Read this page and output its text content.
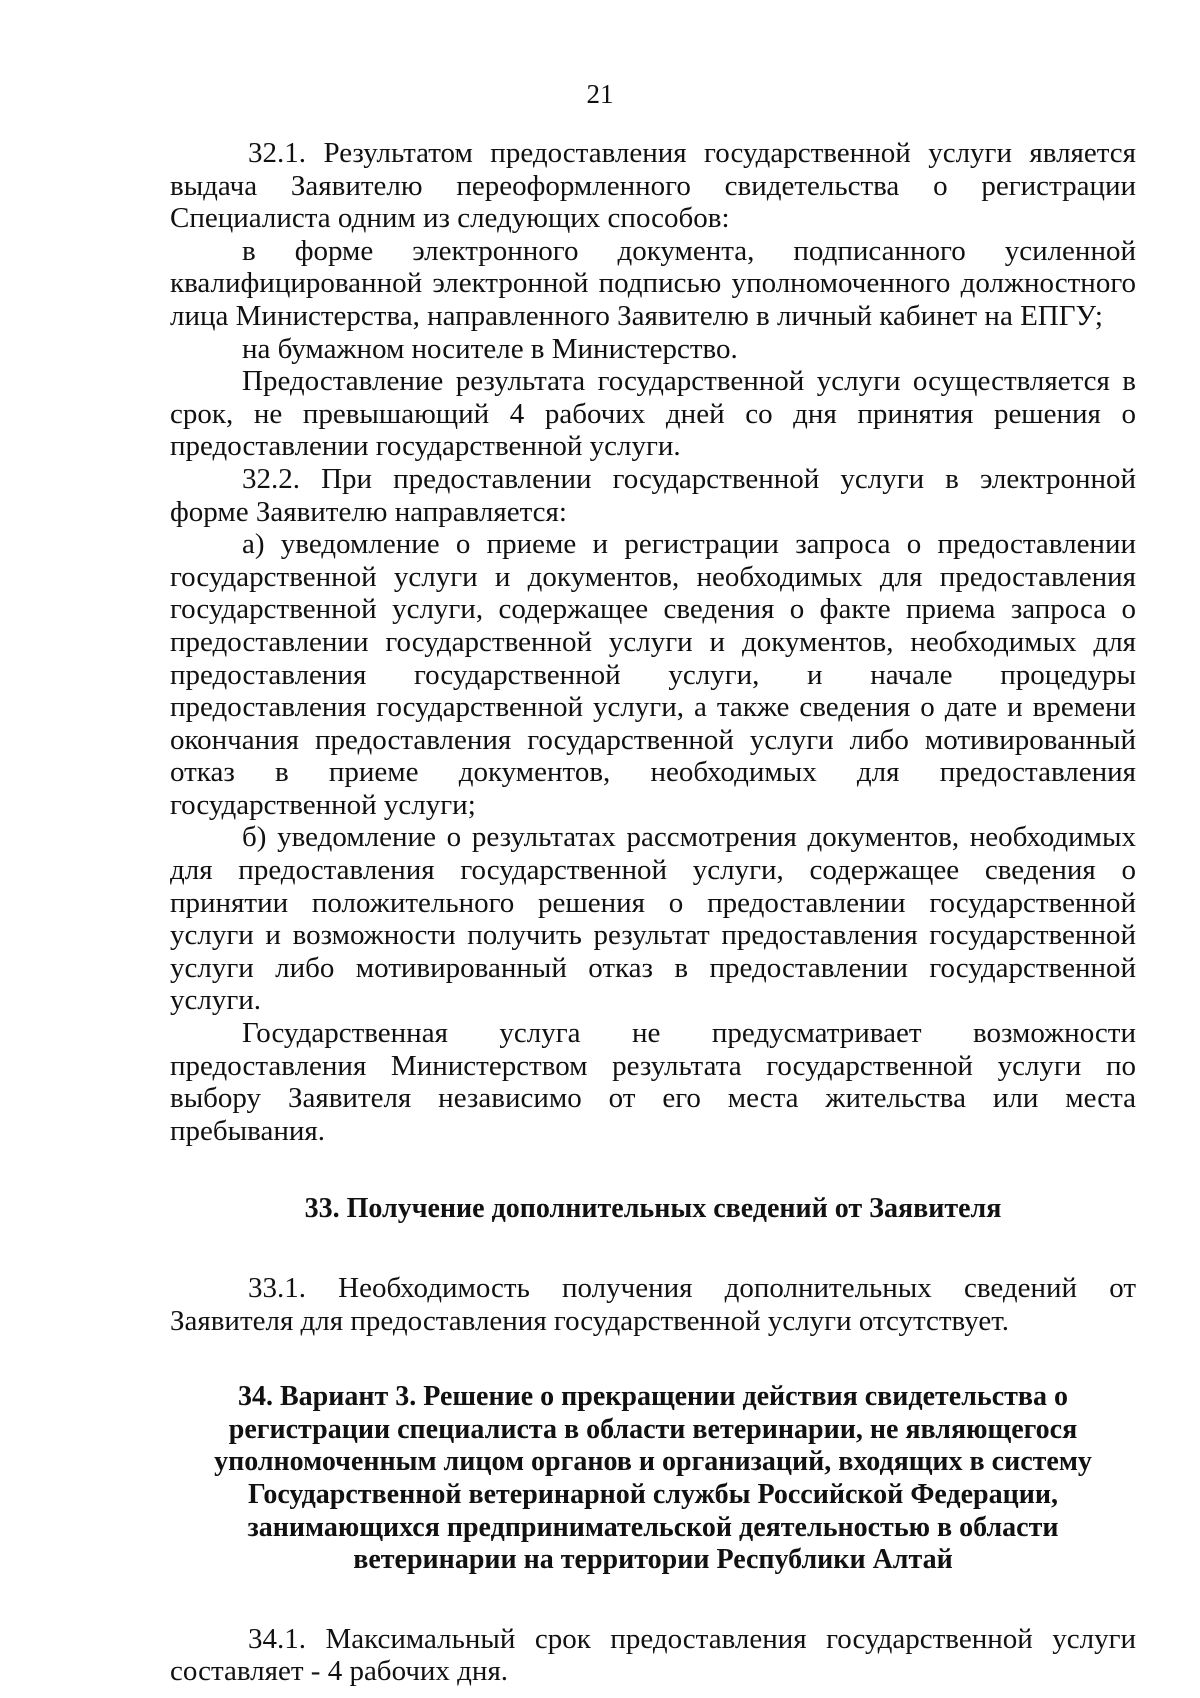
21

32.1. Результатом предоставления государственной услуги является выдача Заявителю переоформленного свидетельства о регистрации Специалиста одним из следующих способов:

в форме электронного документа, подписанного усиленной квалифицированной электронной подписью уполномоченного должностного лица Министерства, направленного Заявителю в личный кабинет на ЕПГУ;

на бумажном носителе в Министерство.

Предоставление результата государственной услуги осуществляется в срок, не превышающий 4 рабочих дней со дня принятия решения о предоставлении государственной услуги.

32.2. При предоставлении государственной услуги в электронной форме Заявителю направляется:

а) уведомление о приеме и регистрации запроса о предоставлении государственной услуги и документов, необходимых для предоставления государственной услуги, содержащее сведения о факте приема запроса о предоставлении государственной услуги и документов, необходимых для предоставления государственной услуги, и начале процедуры предоставления государственной услуги, а также сведения о дате и времени окончания предоставления государственной услуги либо мотивированный отказ в приеме документов, необходимых для предоставления государственной услуги;

б) уведомление о результатах рассмотрения документов, необходимых для предоставления государственной услуги, содержащее сведения о принятии положительного решения о предоставлении государственной услуги и возможности получить результат предоставления государственной услуги либо мотивированный отказ в предоставлении государственной услуги.

Государственная услуга не предусматривает возможности предоставления Министерством результата государственной услуги по выбору Заявителя независимо от его места жительства или места пребывания.

33. Получение дополнительных сведений от Заявителя

33.1. Необходимость получения дополнительных сведений от Заявителя для предоставления государственной услуги отсутствует.

34. Вариант 3. Решение о прекращении действия свидетельства о регистрации специалиста в области ветеринарии, не являющегося уполномоченным лицом органов и организаций, входящих в систему Государственной ветеринарной службы Российской Федерации, занимающихся предпринимательской деятельностью в области ветеринарии на территории Республики Алтай

34.1. Максимальный срок предоставления государственной услуги составляет - 4 рабочих дня.
